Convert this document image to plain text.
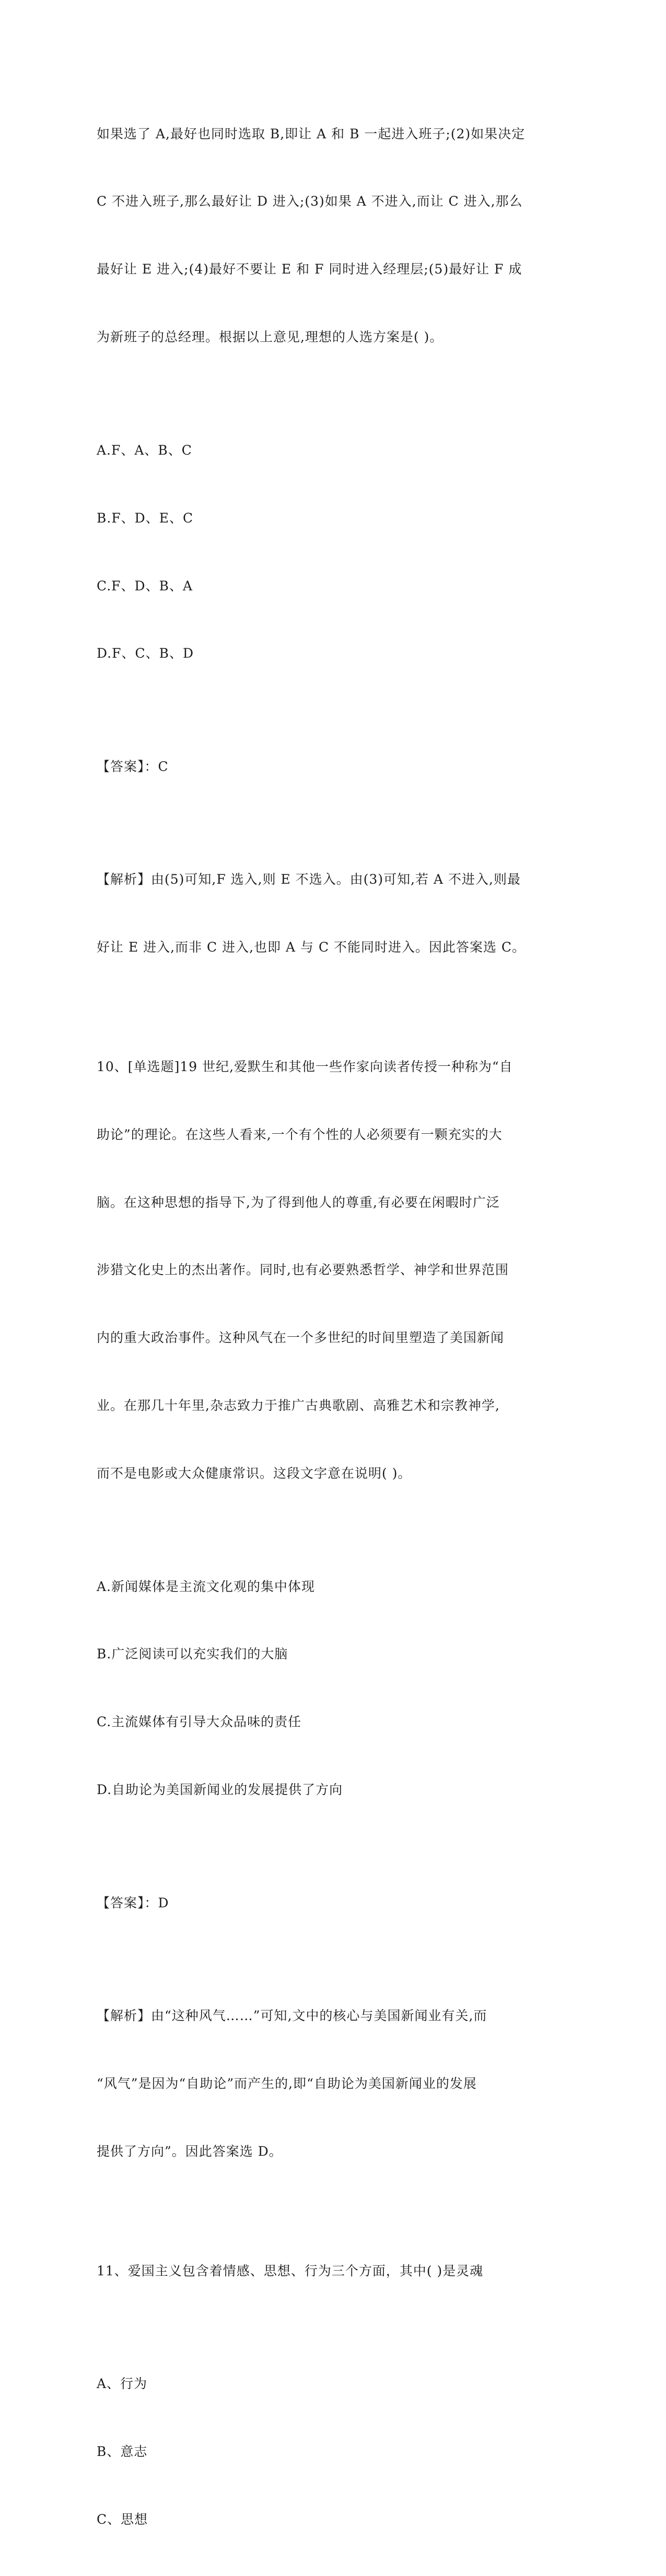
如果选了 A,最好也同时选取 B,即让 A 和 B 一起进入班子;(2)如果决定

C 不进入班子,那么最好让 D 进入;(3)如果 A 不进入,而让 C 进入,那么

最好让 E 进入;(4)最好不要让 E 和 F 同时进入经理层;(5)最好让 F 成

为新班子的总经理。根据以上意见,理想的人选方案是( )。

A.F、A、B、C

B.F、D、E、C

C.F、D、B、A

D.F、C、B、D

【答案】：C

【解析】由(5)可知,F 选入,则 E 不选入。由(3)可知,若 A 不进入,则最

好让 E 进入,而非 C 进入,也即 A 与 C 不能同时进入。因此答案选 C。

10、[单选题]19 世纪,爱默生和其他一些作家向读者传授一种称为“自

助论”的理论。在这些人看来,一个有个性的人必须要有一颗充实的大

脑。在这种思想的指导下,为了得到他人的尊重,有必要在闲暇时广泛

涉猎文化史上的杰出著作。同时,也有必要熟悉哲学、神学和世界范围

内的重大政治事件。这种风气在一个多世纪的时间里塑造了美国新闻

业。在那几十年里,杂志致力于推广古典歌剧、高雅艺术和宗教神学,

而不是电影或大众健康常识。这段文字意在说明( )。

A.新闻媒体是主流文化观的集中体现

B.广泛阅读可以充实我们的大脑

C.主流媒体有引导大众品味的责任

D.自助论为美国新闻业的发展提供了方向

【答案】：D

【解析】由“这种风气……”可知,文中的核心与美国新闻业有关,而

“风气”是因为“自助论”而产生的,即“自助论为美国新闻业的发展

提供了方向”。因此答案选 D。

11、爱国主义包含着情感、思想、行为三个方面，其中( )是灵魂

A、行为

B、意志

C、思想
